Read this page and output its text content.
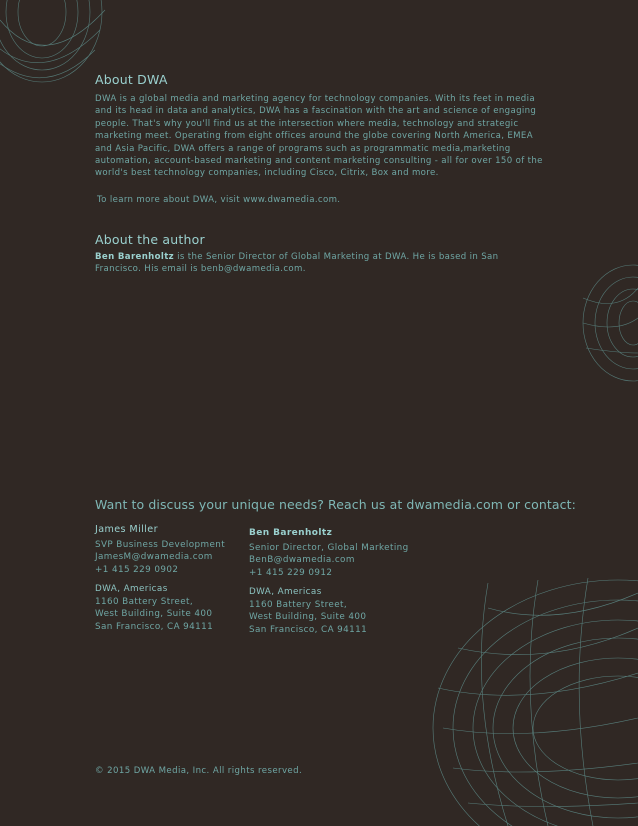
About DWA
DWA is a global media and marketing agency for technology companies. With its feet in media and its head in data and analytics, DWA has a fascination with the art and science of engaging people. That's why you'll find us at the intersection where media, technology and strategic marketing meet. Operating from eight offices around the globe covering North America, EMEA and Asia Pacific, DWA offers a range of programs such as programmatic media,marketing automation, account-based marketing and content marketing consulting - all for over 150 of the world's best technology companies, including Cisco, Citrix, Box and more.
To learn more about DWA, visit www.dwamedia.com.
About the author
Ben Barenholtz is the Senior Director of Global Marketing at DWA. He is based in San Francisco. His email is benb@dwamedia.com.
Want to discuss your unique needs? Reach us at dwamedia.com or contact:
James Miller
SVP Business Development
JamesM@dwamedia.com
+1 415 229 0902
DWA, Americas
1160 Battery Street,
West Building, Suite 400
San Francisco, CA 94111
Ben Barenholtz
Senior Director, Global Marketing
BenB@dwamedia.com
+1 415 229 0912
DWA, Americas
1160 Battery Street,
West Building, Suite 400
San Francisco, CA 94111
© 2015 DWA Media, Inc. All rights reserved.
